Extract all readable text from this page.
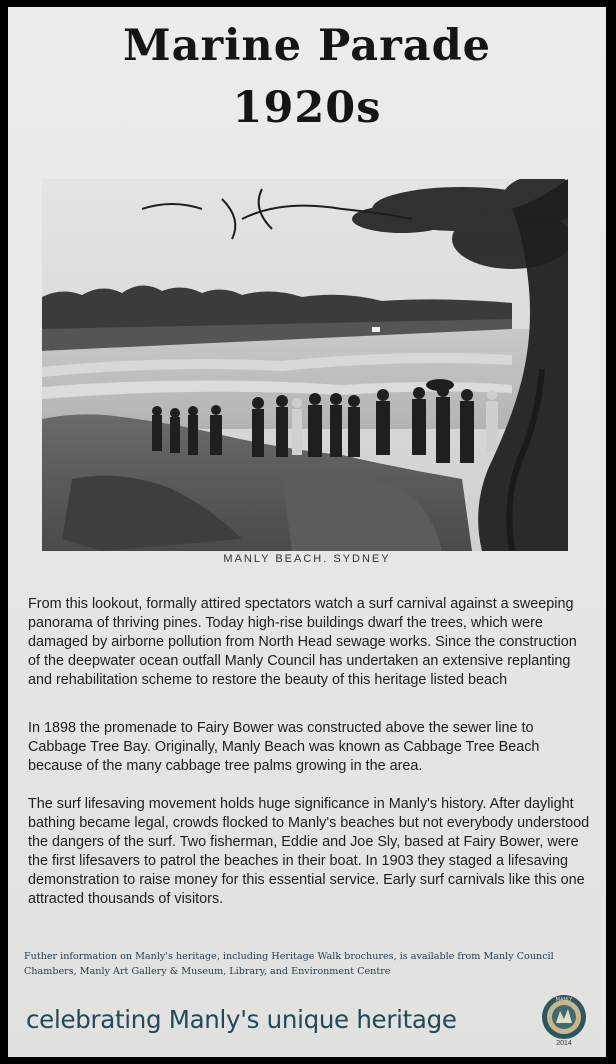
Marine Parade
1920s
MANLY BEACH. SYDNEY

From this lookout, formally attired spectators watch a surf carnival against a sweeping panorama of thriving pines. Today high-rise buildings dwarf the trees, which were damaged by airborne pollution from North Head sewage works. Since the construction of the deepwater ocean outfall Manly Council has undertaken an extensive replanting and rehabilitation scheme to restore the beauty of this heritage listed beach

In 1898 the promenade to Fairy Bower was constructed above the sewer line to Cabbage Tree Bay. Originally, Manly Beach was known as Cabbage Tree Beach because of the many cabbage tree palms growing in the area.

The surf lifesaving movement holds huge significance in Manly's history. After daylight bathing became legal, crowds flocked to Manly's beaches but not everybody understood the dangers of the surf. Two fisherman, Eddie and Joe Sly, based at Fairy Bower, were the first lifesavers to patrol the beaches in their boat. In 1903 they staged a lifesaving demonstration to raise money for this essential service. Early surf carnivals like this one attracted thousands of visitors.

Futher information on Manly's heritage, including Heritage Walk brochures, is available from Manly Council Chambers, Manly Art Gallery & Museum, Library, and Environment Centre

celebrating Manly's unique heritage

MANLY
2014
